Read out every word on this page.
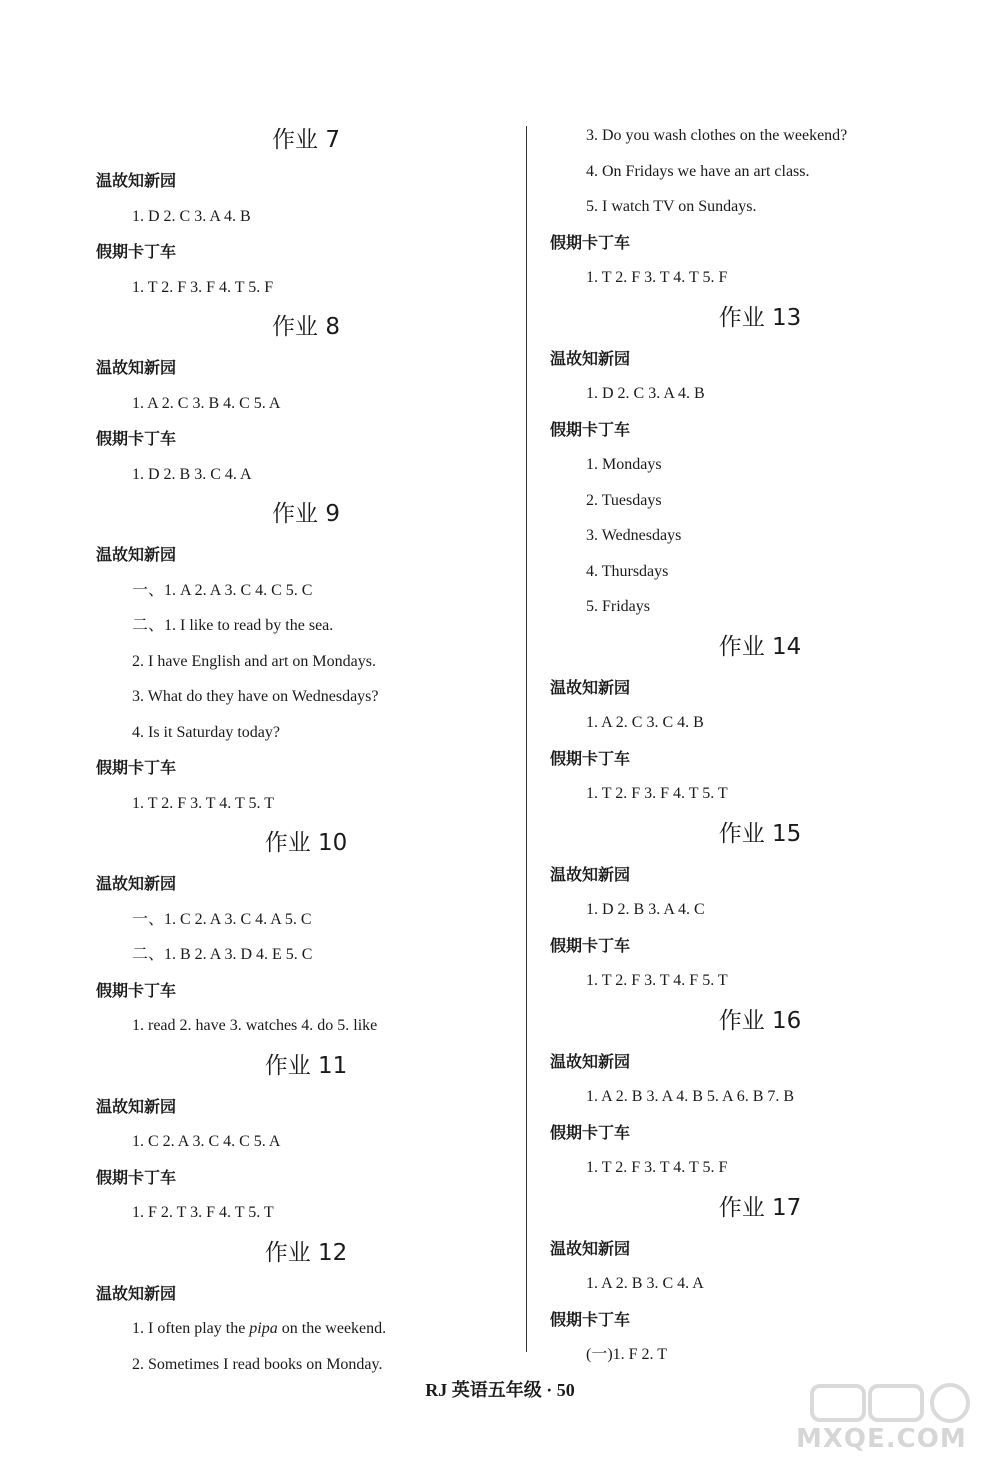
作业 7
温故知新园
1. D 2. C 3. A 4. B
假期卡丁车
1. T 2. F 3. F 4. T 5. F
作业 8
温故知新园
1. A 2. C 3. B 4. C 5. A
假期卡丁车
1. D 2. B 3. C 4. A
作业 9
温故知新园
一、1. A 2. A 3. C 4. C 5. C
二、1. I like to read by the sea.
2. I have English and art on Mondays.
3. What do they have on Wednesdays?
4. Is it Saturday today?
假期卡丁车
1. T 2. F 3. T 4. T 5. T
作业 10
温故知新园
一、1. C 2. A 3. C 4. A 5. C
二、1. B 2. A 3. D 4. E 5. C
假期卡丁车
1. read 2. have 3. watches 4. do 5. like
作业 11
温故知新园
1. C 2. A 3. C 4. C 5. A
假期卡丁车
1. F 2. T 3. F 4. T 5. T
作业 12
温故知新园
1. I often play the pipa on the weekend.
2. Sometimes I read books on Monday.
3. Do you wash clothes on the weekend?
4. On Fridays we have an art class.
5. I watch TV on Sundays.
假期卡丁车
1. T 2. F 3. T 4. T 5. F
作业 13
温故知新园
1. D 2. C 3. A 4. B
假期卡丁车
1. Mondays
2. Tuesdays
3. Wednesdays
4. Thursdays
5. Fridays
作业 14
温故知新园
1. A 2. C 3. C 4. B
假期卡丁车
1. T 2. F 3. F 4. T 5. T
作业 15
温故知新园
1. D 2. B 3. A 4. C
假期卡丁车
1. T 2. F 3. T 4. F 5. T
作业 16
温故知新园
1. A 2. B 3. A 4. B 5. A 6. B 7. B
假期卡丁车
1. T 2. F 3. T 4. T 5. F
作业 17
温故知新园
1. A 2. B 3. C 4. A
假期卡丁车
(一)1. F 2. T
RJ 英语五年级 · 50
MXQE.COM
